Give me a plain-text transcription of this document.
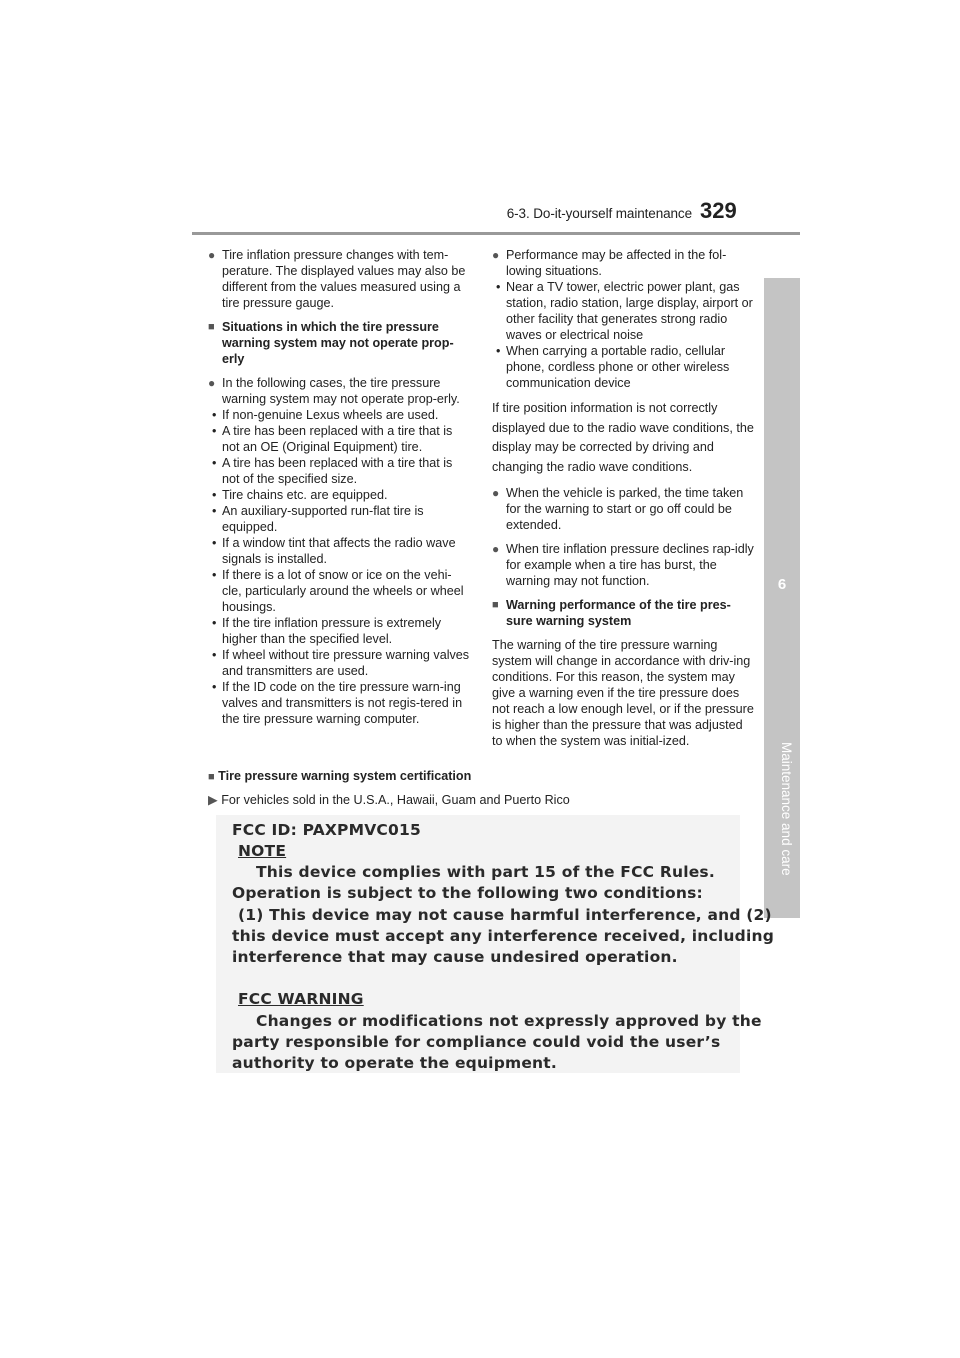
6-3. Do-it-yourself maintenance 329
6
Maintenance and care
● Tire inflation pressure changes with tem-perature. The displayed values may also be different from the values measured using a tire pressure gauge.
■ Situations in which the tire pressure warning system may not operate prop-erly
● In the following cases, the tire pressure warning system may not operate prop-erly.
• If non-genuine Lexus wheels are used.
• A tire has been replaced with a tire that is not an OE (Original Equipment) tire.
• A tire has been replaced with a tire that is not of the specified size.
• Tire chains etc. are equipped.
• An auxiliary-supported run-flat tire is equipped.
• If a window tint that affects the radio wave signals is installed.
• If there is a lot of snow or ice on the vehi-cle, particularly around the wheels or wheel housings.
• If the tire inflation pressure is extremely higher than the specified level.
• If wheel without tire pressure warning valves and transmitters are used.
• If the ID code on the tire pressure warn-ing valves and transmitters is not regis-tered in the tire pressure warning computer.
● Performance may be affected in the fol-lowing situations.
• Near a TV tower, electric power plant, gas station, radio station, large display, airport or other facility that generates strong radio waves or electrical noise
• When carrying a portable radio, cellular phone, cordless phone or other wireless communication device
If tire position information is not correctly displayed due to the radio wave conditions, the display may be corrected by driving and changing the radio wave conditions.
● When the vehicle is parked, the time taken for the warning to start or go off could be extended.
● When tire inflation pressure declines rap-idly for example when a tire has burst, the warning may not function.
■ Warning performance of the tire pres-sure warning system
The warning of the tire pressure warning system will change in accordance with driv-ing conditions. For this reason, the system may give a warning even if the tire pressure does not reach a low enough level, or if the pressure is higher than the pressure that was adjusted to when the system was initial-ized.
■ Tire pressure warning system certification
▶ For vehicles sold in the U.S.A., Hawaii, Guam and Puerto Rico
FCC ID: PAXPMVC015
NOTE
This device complies with part 15 of the FCC Rules.
Operation is subject to the following two conditions:
(1) This device may not cause harmful interference, and (2)
this device must accept any interference received, including
interference that may cause undesired operation.
FCC WARNING
Changes or modifications not expressly approved by the
party responsible for compliance could void the user’s
authority to operate the equipment.
